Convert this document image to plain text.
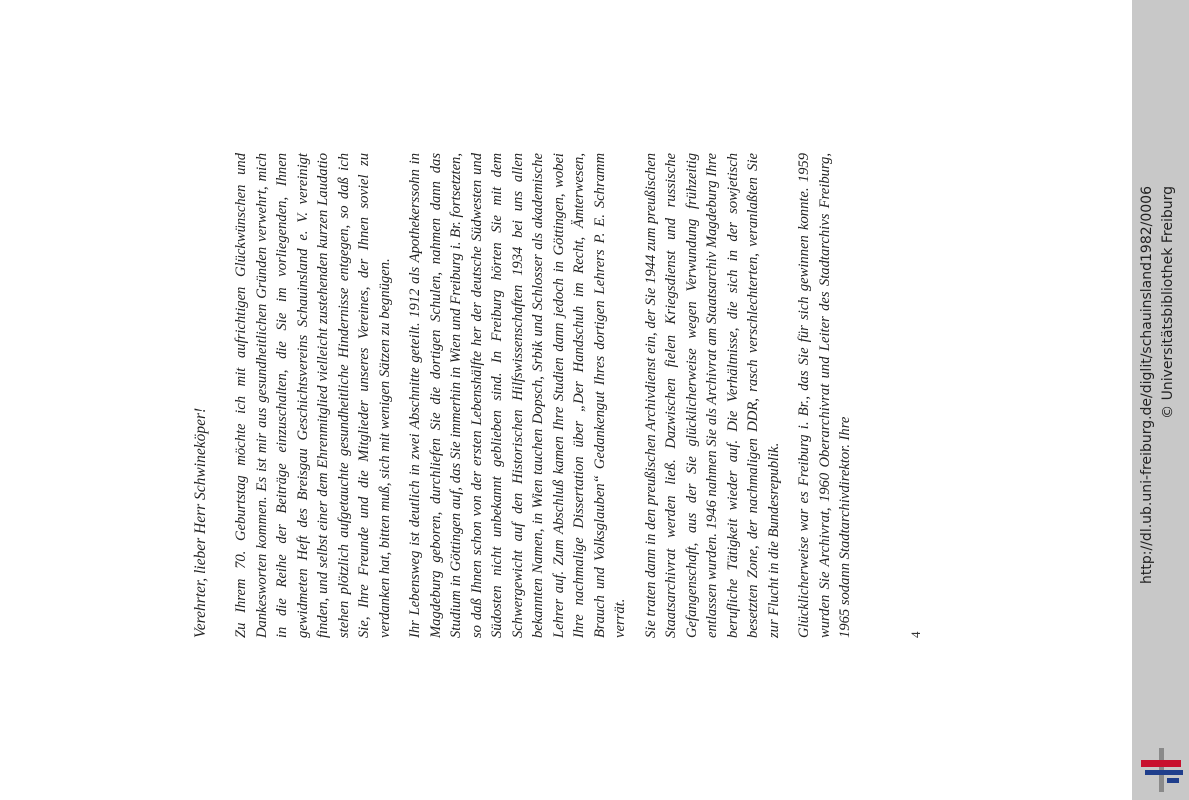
Verehrter, lieber Herr Schwineköper! Zu Ihrem 70. Geburtstag möchte ich mit aufrichtigen Glückwünschen und Dankesworten kommen. Es ist mir aus gesundheitlichen Gründen verwehrt, mich in die Reihe der Beiträge einzuschalten, die Sie im vorliegenden, Ihnen gewidmeten Heft des Breisgau Geschichtsvereins Schauinsland e. V. vereinigt finden, und selbst einer dem Ehrenmitglied vielleicht zustehenden kurzen Laudatio stehen plötzlich aufgetauchte gesundheitliche Hindernisse entgegen, so daß ich Sie, Ihre Freunde und die Mitglieder unseres Vereines, der Ihnen soviel zu verdanken hat, bitten muß, sich mit wenigen Sätzen zu begnügen. Ihr Lebensweg ist deutlich in zwei Abschnitte geteilt. 1912 als Apothekerssohn in Magdeburg geboren, durchliefen Sie die dortigen Schulen, nahmen dann das Studium in Göttingen auf, das Sie immerhin in Wien und Freiburg i. Br. fortsetzten, so daß Ihnen schon von der ersten Lebenshälfte her der deutsche Südwesten und Südosten nicht unbekannt geblieben sind. In Freiburg hörten Sie mit dem Schwergewicht auf den Historischen Hilfswissenschaften 1934 bei uns allen bekannten Namen, in Wien tauchen Dopsch, Srbik und Schlosser als akademische Lehrer auf. Zum Abschluß kamen Ihre Studien dann jedoch in Göttingen, wobei Ihre nachmalige Dissertation über „Der Handschuh im Recht, Ämterwesen, Brauch und Volksglauben“ Gedankengut Ihres dortigen Lehrers P. E. Schramm verrät. Sie traten dann in den preußischen Archivdienst ein, der Sie 1944 zum preußischen Staatsarchivrat werden ließ. Dazwischen fielen Kriegsdienst und russische Gefangenschaft, aus der Sie glücklicherweise wegen Verwundung frühzeitig entlassen wurden. 1946 nahmen Sie als Archivrat am Staatsarchiv Magdeburg Ihre berufliche Tätigkeit wieder auf. Die Verhältnisse, die sich in der sowjetisch besetzten Zone, der nachmaligen DDR, rasch verschlechterten, veranlaßten Sie zur Flucht in die Bundesrepublik. Glücklicherweise war es Freiburg i. Br., das Sie für sich gewinnen konnte. 1959 wurden Sie Archivrat, 1960 Oberarchivrat und Leiter des Stadtarchivs Freiburg, 1965 sodann Stadtarchivdirektor. Ihre	4
http://dl.ub.uni-freiburg.de/diglit/schauinsland1982/0006 © Universitätsbibliothek Freiburg
